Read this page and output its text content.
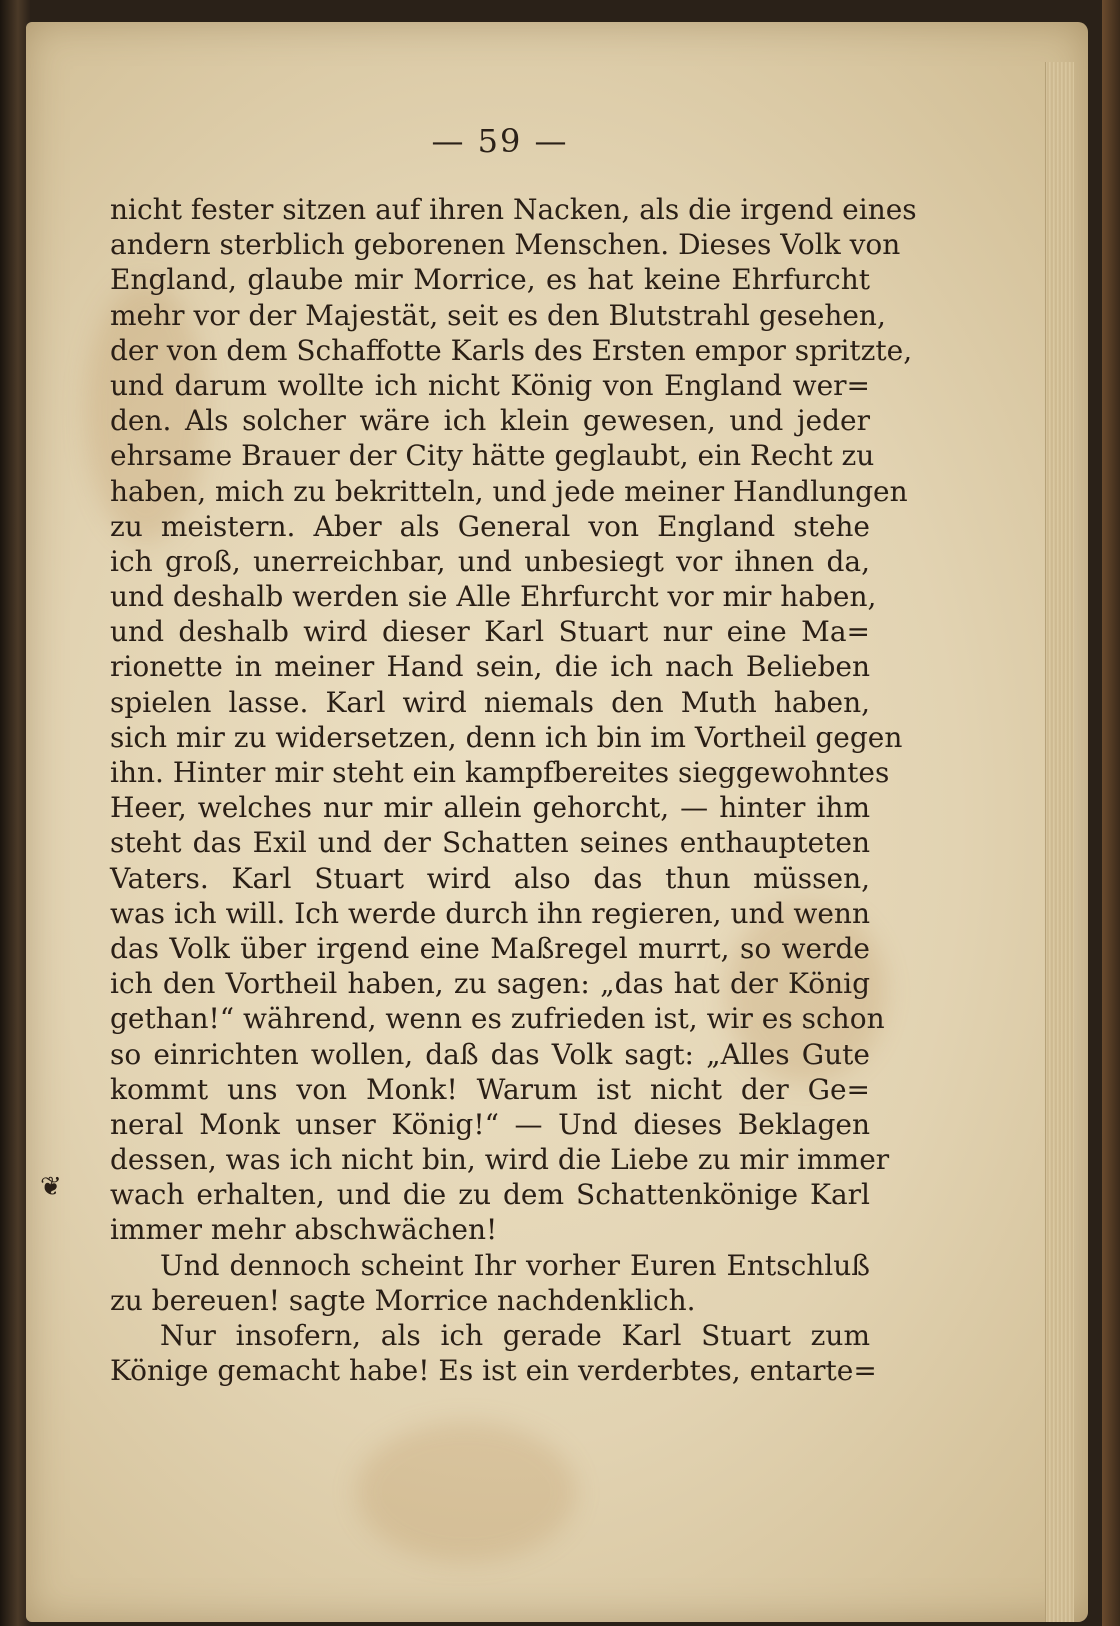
— 59 —
nicht fester sitzen auf ihren Nacken, als die irgend eines
andern sterblich geborenen Menschen. Dieses Volk von
England, glaube mir Morrice, es hat keine Ehrfurcht
mehr vor der Majestät, seit es den Blutstrahl gesehen,
der von dem Schaffotte Karls des Ersten empor spritzte,
und darum wollte ich nicht König von England wer=
den. Als solcher wäre ich klein gewesen, und jeder
ehrsame Brauer der City hätte geglaubt, ein Recht zu
haben, mich zu bekritteln, und jede meiner Handlungen
zu meistern. Aber als General von England stehe
ich groß, unerreichbar, und unbesiegt vor ihnen da,
und deshalb werden sie Alle Ehrfurcht vor mir haben,
und deshalb wird dieser Karl Stuart nur eine Ma=
rionette in meiner Hand sein, die ich nach Belieben
spielen lasse. Karl wird niemals den Muth haben,
sich mir zu widersetzen, denn ich bin im Vortheil gegen
ihn. Hinter mir steht ein kampfbereites sieggewohntes
Heer, welches nur mir allein gehorcht, — hinter ihm
steht das Exil und der Schatten seines enthaupteten
Vaters. Karl Stuart wird also das thun müssen,
was ich will. Ich werde durch ihn regieren, und wenn
das Volk über irgend eine Maßregel murrt, so werde
ich den Vortheil haben, zu sagen: „das hat der König
gethan!“ während, wenn es zufrieden ist, wir es schon
so einrichten wollen, daß das Volk sagt: „Alles Gute
kommt uns von Monk! Warum ist nicht der Ge=
neral Monk unser König!“ — Und dieses Beklagen
dessen, was ich nicht bin, wird die Liebe zu mir immer
wach erhalten, und die zu dem Schattenkönige Karl
immer mehr abschwächen!
Und dennoch scheint Ihr vorher Euren Entschluß
zu bereuen! sagte Morrice nachdenklich.
Nur insofern, als ich gerade Karl Stuart zum
Könige gemacht habe! Es ist ein verderbtes, entarte=
❦
